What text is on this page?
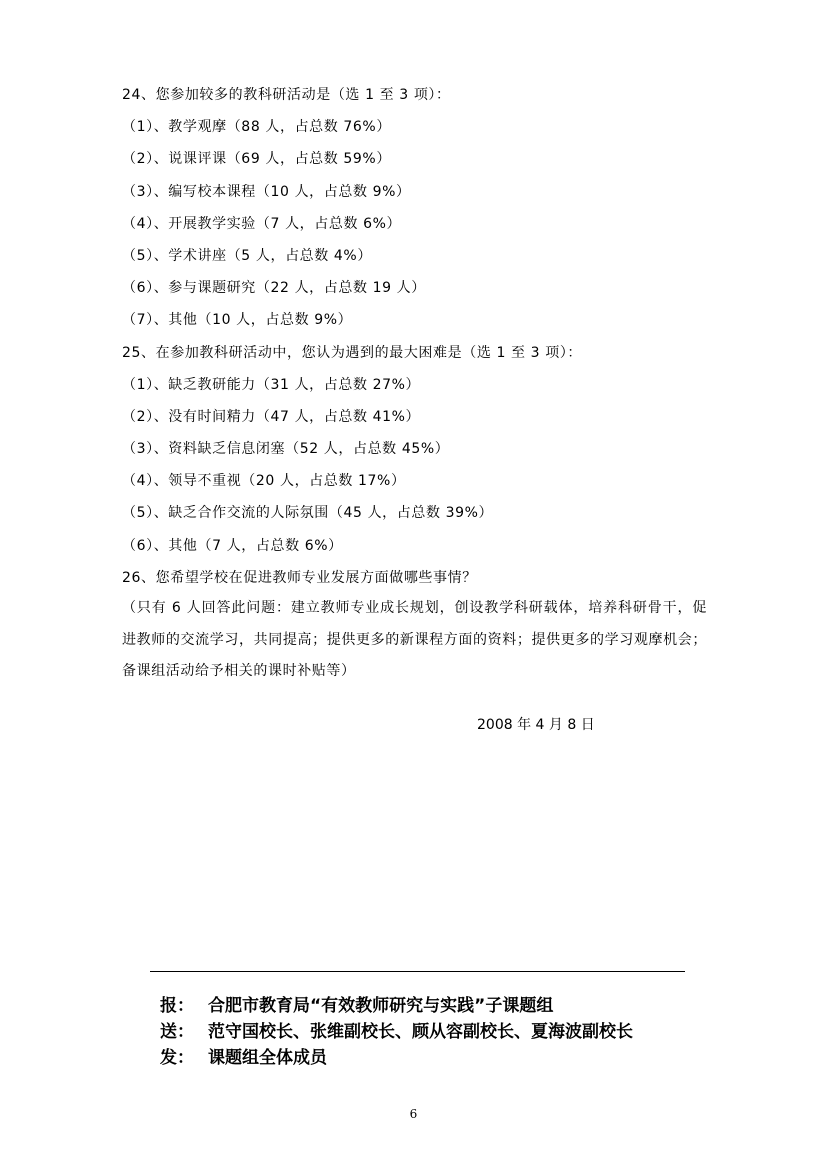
24、您参加较多的教科研活动是（选 1 至 3 项）：
（1）、教学观摩（88 人，占总数 76%）
（2）、说课评课（69 人，占总数 59%）
（3）、编写校本课程（10 人，占总数 9%）
（4）、开展教学实验（7 人，占总数 6%）
（5）、学术讲座（5 人，占总数 4%）
（6）、参与课题研究（22 人，占总数 19 人）
（7）、其他（10 人，占总数 9%）
25、在参加教科研活动中，您认为遇到的最大困难是（选 1 至 3 项）：
（1）、缺乏教研能力（31 人，占总数 27%）
（2）、没有时间精力（47 人，占总数 41%）
（3）、资料缺乏信息闭塞（52 人，占总数 45%）
（4）、领导不重视（20 人，占总数 17%）
（5）、缺乏合作交流的人际氛围（45 人，占总数 39%）
（6）、其他（7 人，占总数 6%）
26、您希望学校在促进教师专业发展方面做哪些事情？
（只有 6 人回答此问题：建立教师专业成长规划，创设教学科研载体，培养科研骨干，促进教师的交流学习，共同提高；提供更多的新课程方面的资料；提供更多的学习观摩机会；备课组活动给予相关的课时补贴等）
2008 年 4 月 8 日
报： 合肥市教育局“有效教师研究与实践”子课题组
送： 范守国校长、张维副校长、顾从容副校长、夏海波副校长
发： 课题组全体成员
6
